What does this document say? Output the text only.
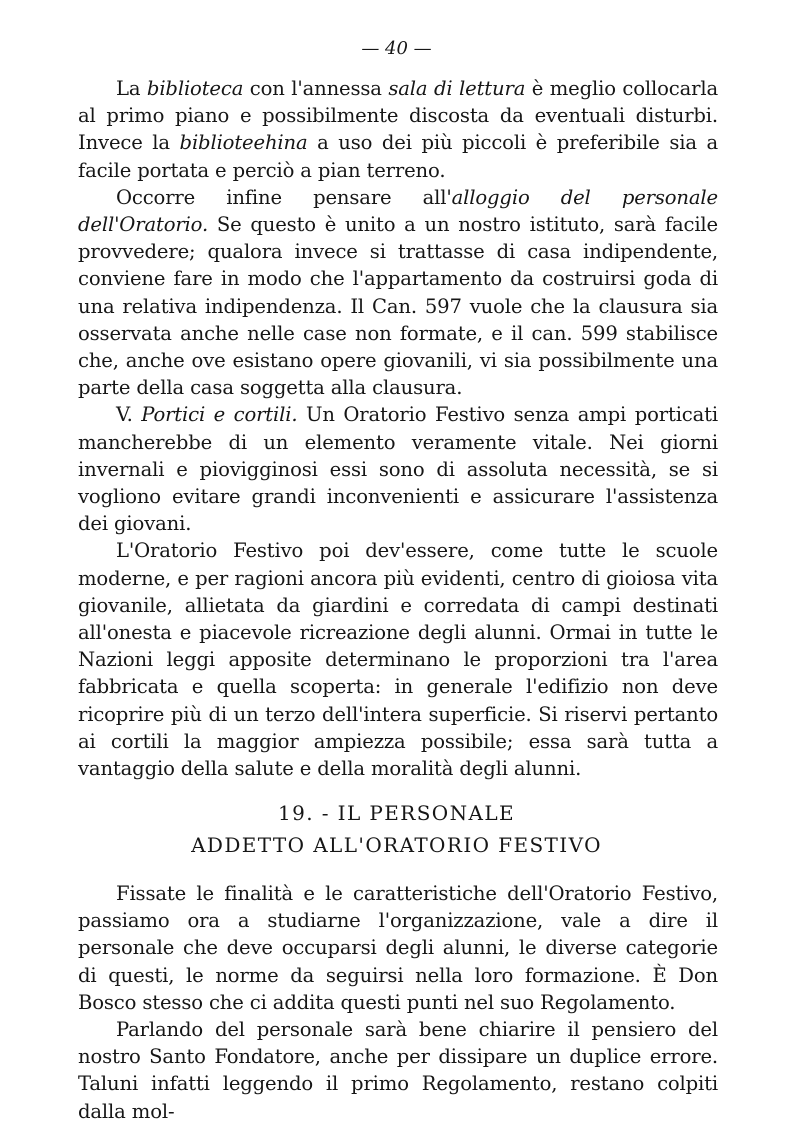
— 40 —

La biblioteca con l'annessa sala di lettura è meglio collocarla al primo piano e possibilmente discosta da eventuali disturbi. Invece la biblioteehina a uso dei più piccoli è preferibile sia a facile portata e perciò a pian terreno.

Occorre infine pensare all'alloggio del personale dell'Oratorio. Se questo è unito a un nostro istituto, sarà facile provvedere; qualora invece si trattasse di casa indipendente, conviene fare in modo che l'appartamento da costruirsi goda di una relativa indipendenza. Il Can. 597 vuole che la clausura sia osservata anche nelle case non formate, e il can. 599 stabilisce che, anche ove esistano opere giovanili, vi sia possibilmente una parte della casa soggetta alla clausura.

V. Portici e cortili. Un Oratorio Festivo senza ampi porticati mancherebbe di un elemento veramente vitale. Nei giorni invernali e piovigginosi essi sono di assoluta necessità, se si vogliono evitare grandi inconvenienti e assicurare l'assistenza dei giovani.

L'Oratorio Festivo poi dev'essere, come tutte le scuole moderne, e per ragioni ancora più evidenti, centro di gioiosa vita giovanile, allietata da giardini e corredata di campi destinati all'onesta e piacevole ricreazione degli alunni. Ormai in tutte le Nazioni leggi apposite determinano le proporzioni tra l'area fabbricata e quella scoperta: in generale l'edifizio non deve ricoprire più di un terzo dell'intera superficie. Si riservi pertanto ai cortili la maggior ampiezza possibile; essa sarà tutta a vantaggio della salute e della moralità degli alunni.

19. - IL PERSONALE
ADDETTO ALL'ORATORIO FESTIVO

Fissate le finalità e le caratteristiche dell'Oratorio Festivo, passiamo ora a studiarne l'organizzazione, vale a dire il personale che deve occuparsi degli alunni, le diverse categorie di questi, le norme da seguirsi nella loro formazione. È Don Bosco stesso che ci addita questi punti nel suo Regolamento.

Parlando del personale sarà bene chiarire il pensiero del nostro Santo Fondatore, anche per dissipare un duplice errore. Taluni infatti leggendo il primo Regolamento, restano colpiti dalla mol-
